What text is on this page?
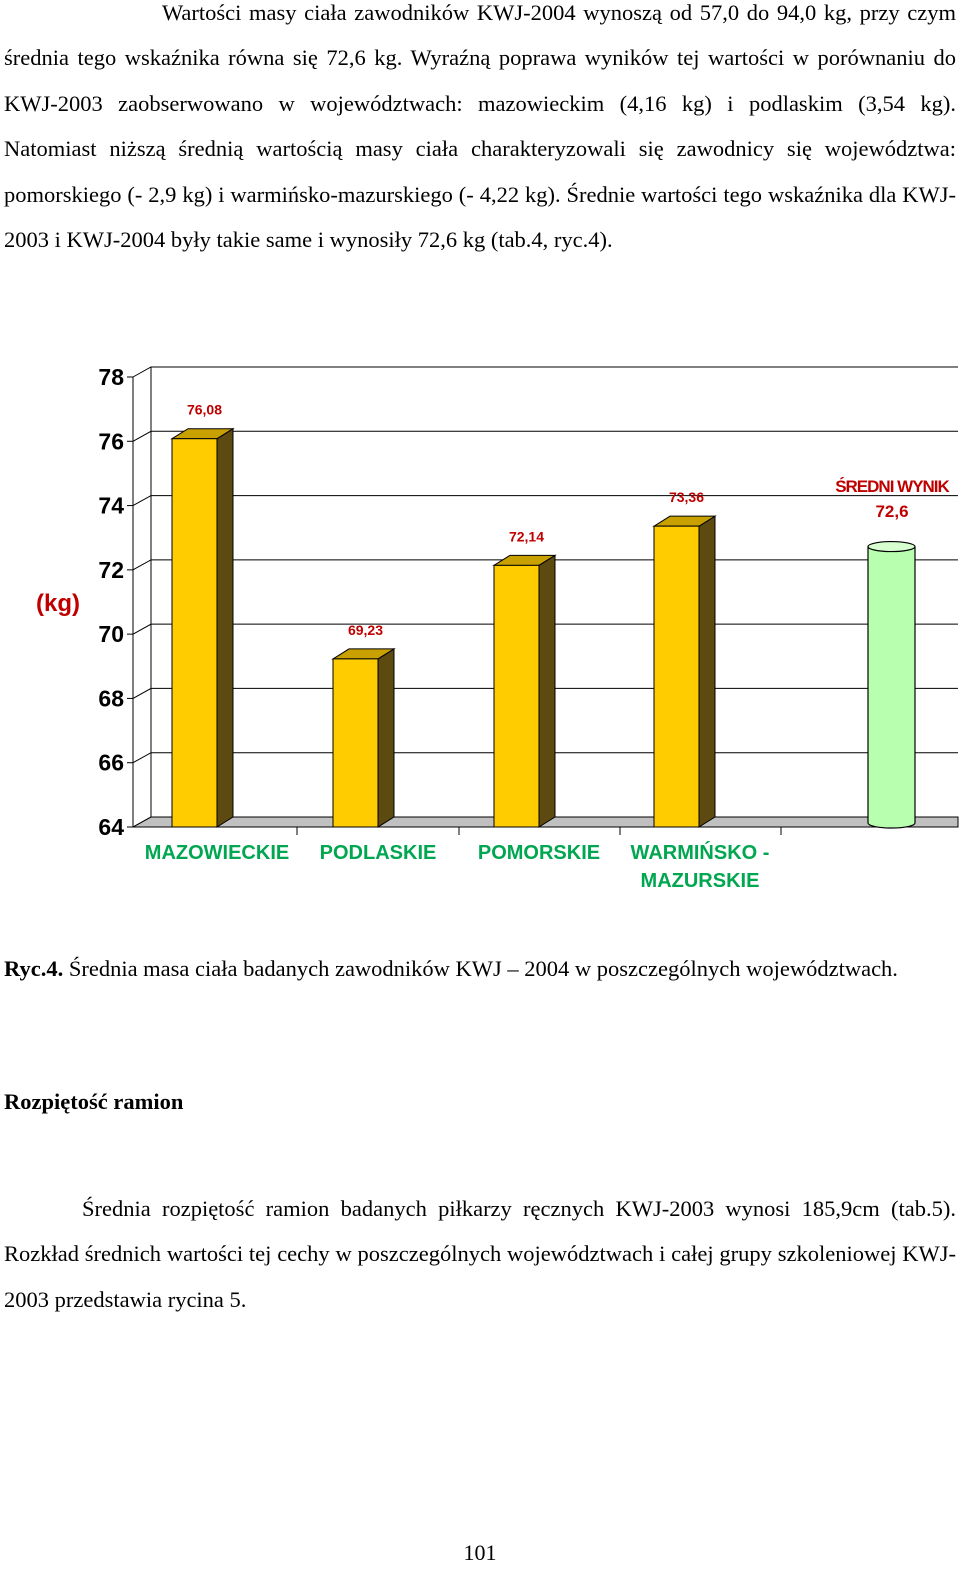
Wartości masy ciała zawodników KWJ-2004 wynoszą od 57,0 do 94,0 kg, przy czym średnia tego wskaźnika równa się 72,6 kg. Wyraźną poprawa wyników tej wartości w porównaniu do KWJ-2003 zaobserwowano w województwach: mazowieckim (4,16 kg) i podlaskim (3,54 kg). Natomiast niższą średnią wartością masy ciała charakteryzowali się zawodnicy się województwa: pomorskiego (- 2,9 kg) i warmińsko-mazurskiego (- 4,22 kg). Średnie wartości tego wskaźnika dla KWJ-2003 i KWJ-2004 były takie same i wynosiły 72,6 kg (tab.4, ryc.4).

64
66
68
70
72
74
76
78
(kg)
76,08
69,23
72,14
73,36
MAZOWIECKIE PODLASKIE POMORSKIE WARMIŃSKO -
MAZURSKIE
ŚREDNI WYNIK
72,6

Ryc.4. Średnia masa ciała badanych zawodników KWJ – 2004 w poszczególnych województwach.

Rozpiętość ramion

Średnia rozpiętość ramion badanych piłkarzy ręcznych KWJ-2003 wynosi 185,9cm (tab.5). Rozkład średnich wartości tej cechy w poszczególnych województwach i całej grupy szkoleniowej KWJ-2003 przedstawia rycina 5.

101
